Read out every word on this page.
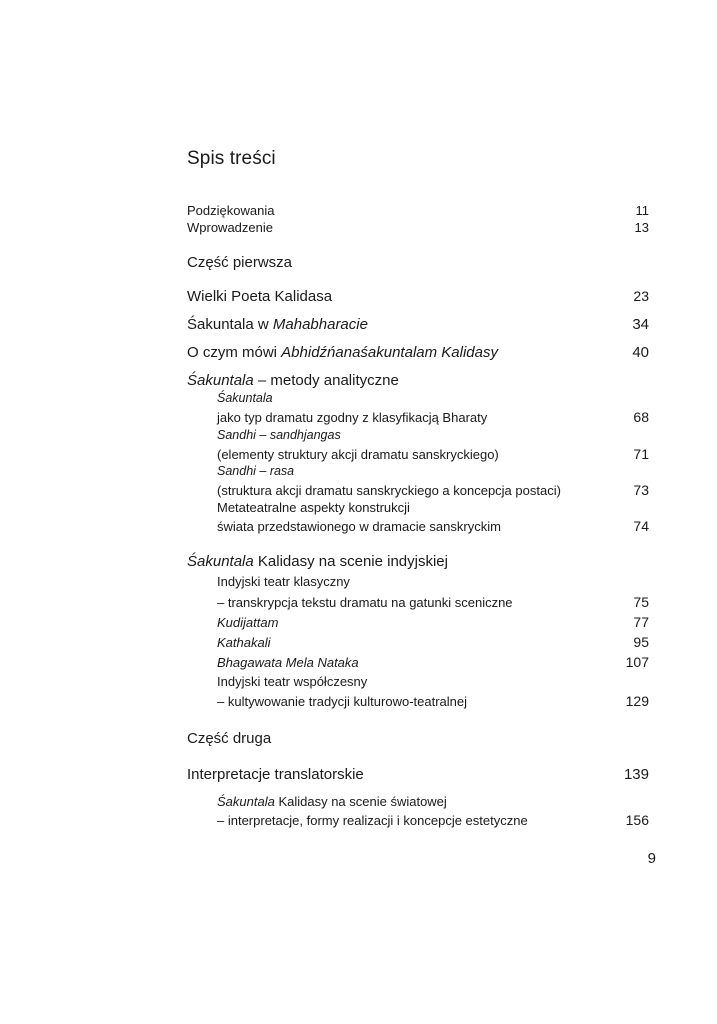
Spis treści
Podziękowania	11
Wprowadzenie	13
Część pierwsza
Wielki Poeta Kalidasa	23
Śakuntala w Mahabharacie	34
O czym mówi Abhidźńanaśakuntalam Kalidasy	40
Śakuntala – metody analityczne
Śakuntala
jako typ dramatu zgodny z klasyfikacją Bharaty	68
Sandhi – sandhjangas
(elementy struktury akcji dramatu sanskryckiego)	71
Sandhi – rasa
(struktura akcji dramatu sanskryckiego a koncepcja postaci)	73
Metateatralne aspekty konstrukcji
świata przedstawionego w dramacie sanskryckim	74
Śakuntala Kalidasy na scenie indyjskiej
Indyjski teatr klasyczny
– transkrypcja tekstu dramatu na gatunki sceniczne	75
Kudijattam	77
Kathakali	95
Bhagawata Mela Nataka	107
Indyjski teatr współczesny
– kultywowanie tradycji kulturowo-teatralnej	129
Część druga
Interpretacje translatorskie	139
Śakuntala Kalidasy na scenie światowej
– interpretacje, formy realizacji i koncepcje estetyczne	156
9
